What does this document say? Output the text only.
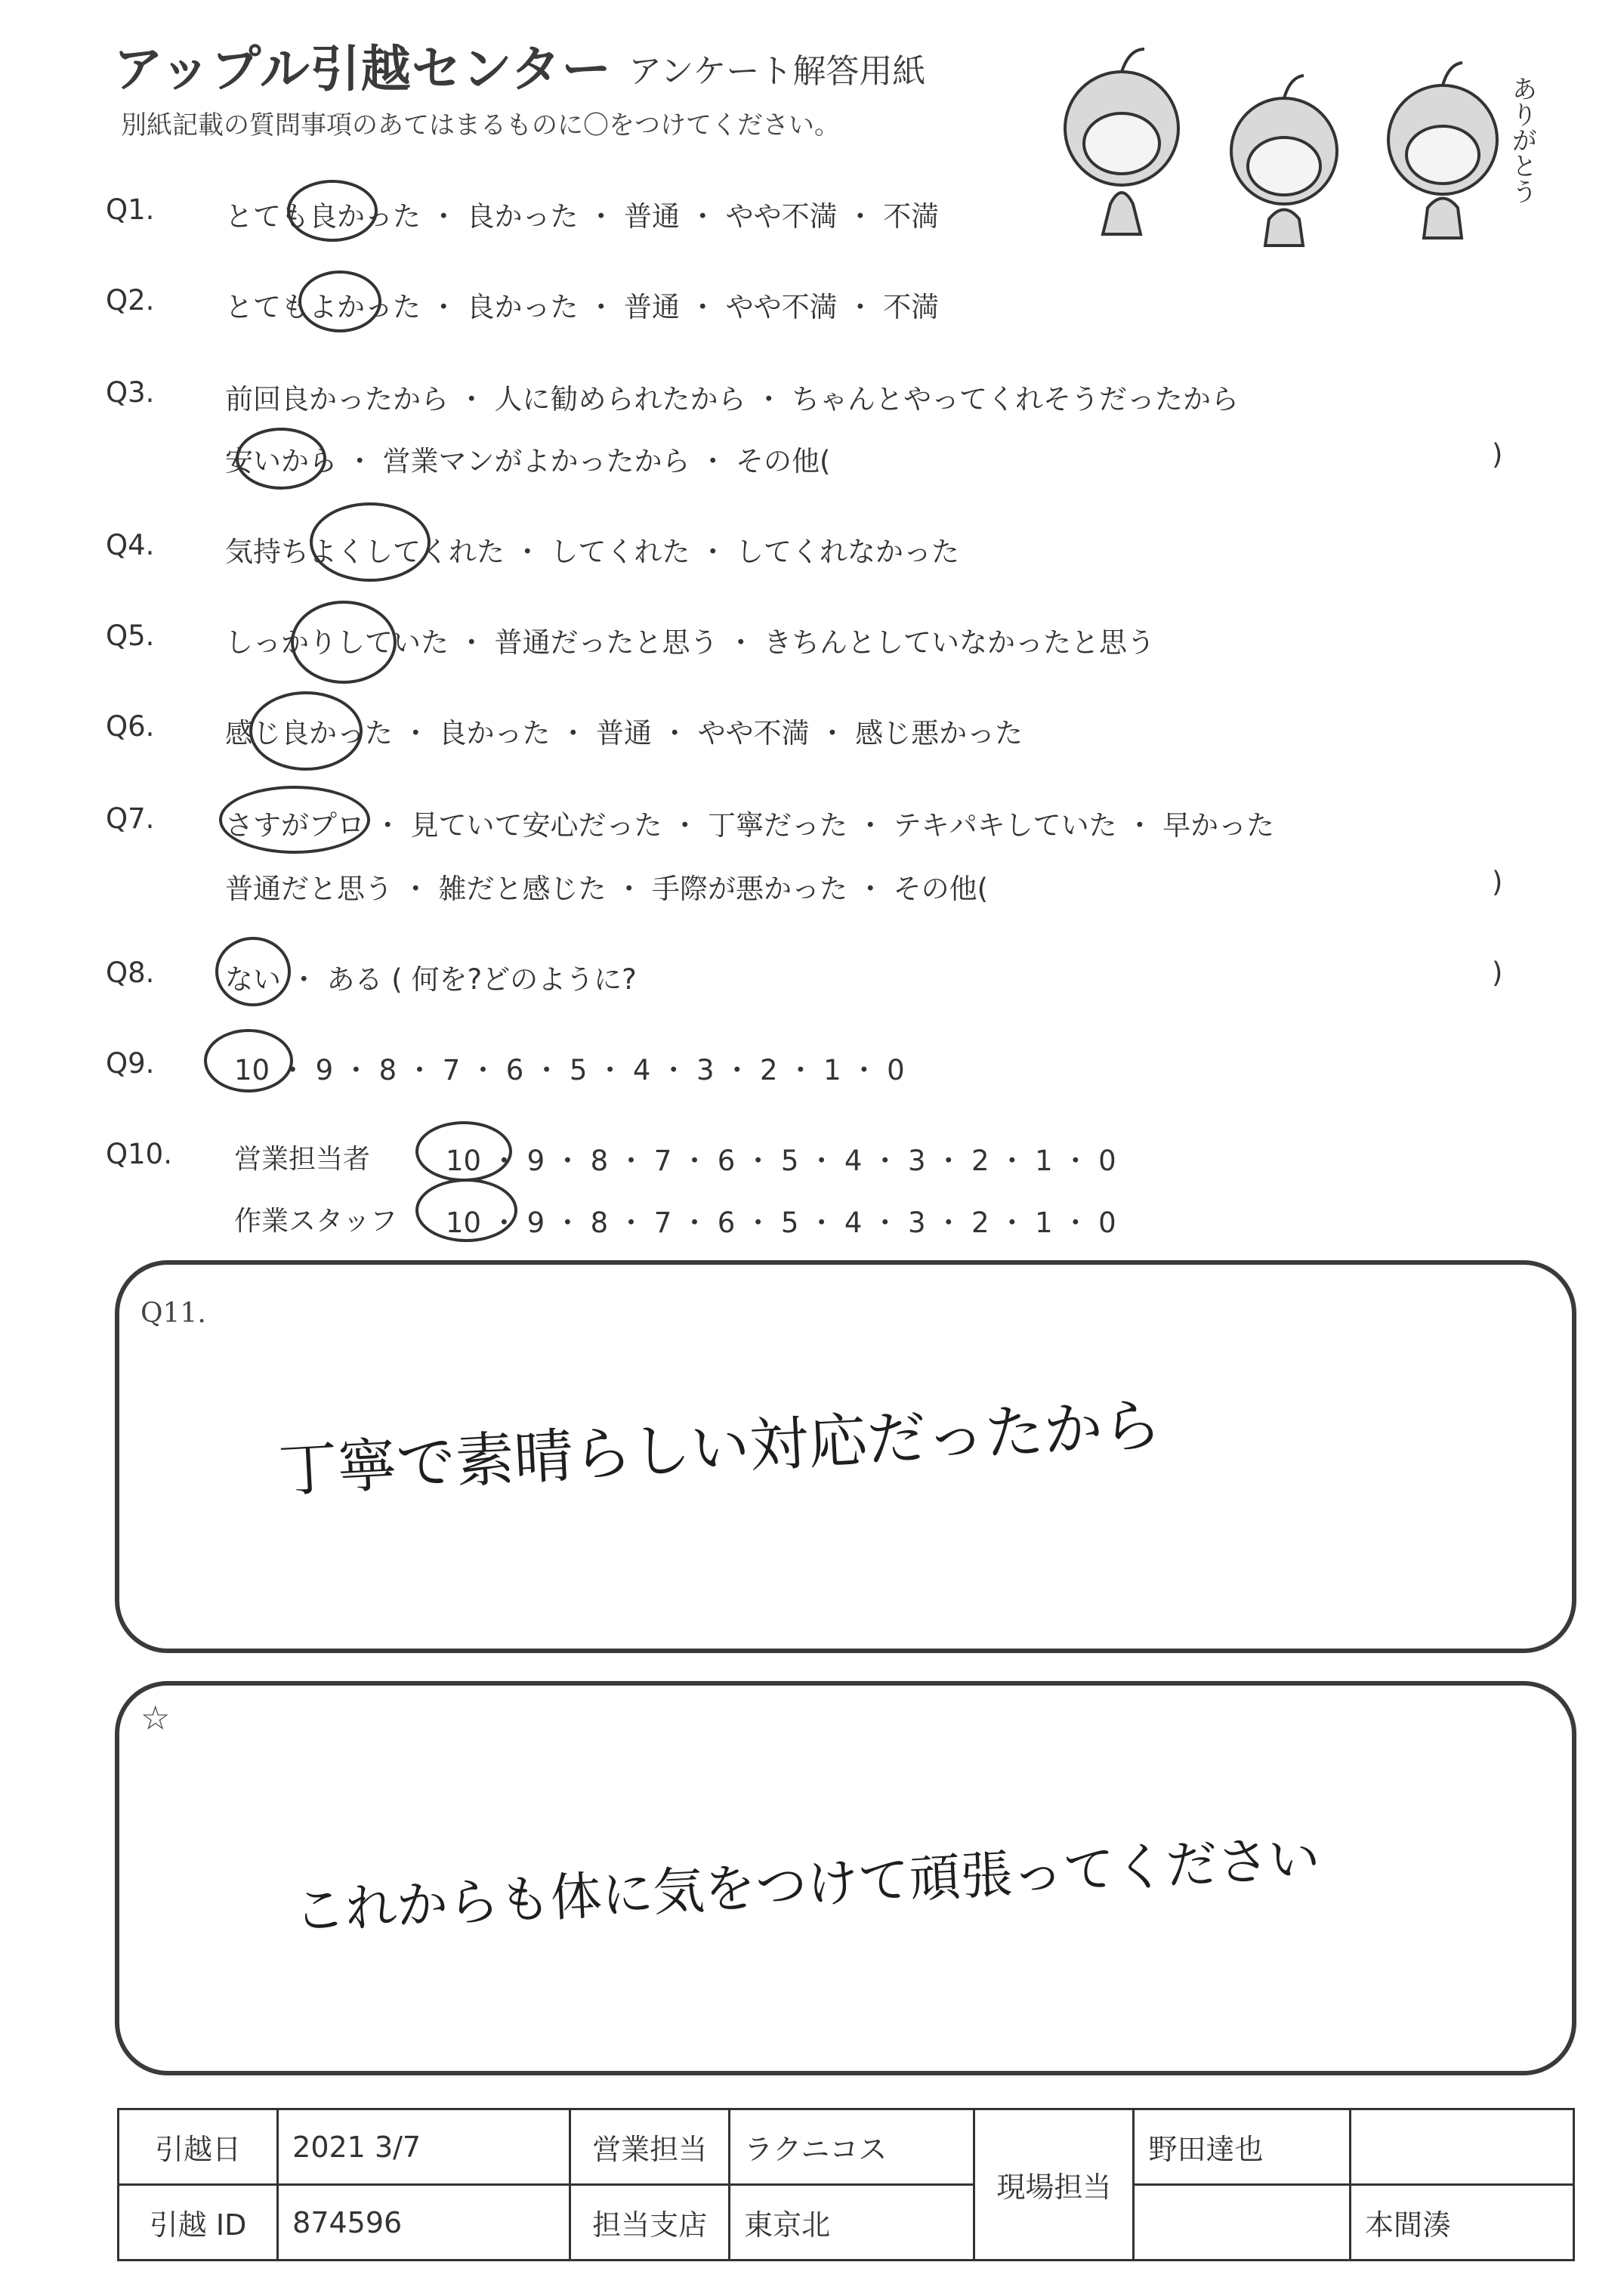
アップル引越センター アンケート解答用紙
別紙記載の質問事項のあてはまるものに〇をつけてください。	ありがとう
Q1.	とても良かった ・ 良かった ・ 普通 ・ やや不満 ・ 不満
Q2.	とてもよかった ・ 良かった ・ 普通 ・ やや不満 ・ 不満
Q3.	前回良かったから ・ 人に勧められたから ・ ちゃんとやってくれそうだったから
安いから ・ 営業マンがよかったから ・ その他(	)
Q4.	気持ちよくしてくれた ・ してくれた ・ してくれなかった
Q5.	しっかりしていた ・ 普通だったと思う ・ きちんとしていなかったと思う
Q6.	感じ良かった ・ 良かった ・ 普通 ・ やや不満 ・ 感じ悪かった
Q7.	さすがプロ ・ 見ていて安心だった ・ 丁寧だった ・ テキパキしていた ・ 早かった
普通だと思う ・ 雑だと感じた ・ 手際が悪かった ・ その他(	)
Q8.	ない ・ ある ( 何を?どのように?	)
Q9.	10 ・ 9 ・ 8 ・ 7 ・ 6 ・ 5 ・ 4 ・ 3 ・ 2 ・ 1 ・ 0
Q10. 営業担当者	10 ・ 9 ・ 8 ・ 7 ・ 6 ・ 5 ・ 4 ・ 3 ・ 2 ・ 1 ・ 0
作業スタッフ 10 ・ 9 ・ 8 ・ 7 ・ 6 ・ 5 ・ 4 ・ 3 ・ 2 ・ 1 ・ 0
Q11.
丁寧で素晴らしい対応だったから
☆
これからも体に気をつけて頑張ってください
引越日	2021 3/7	営業担当	ラクニコス	現場担当	野田達也	
引越 ID	874596	担当支店	東京北			本間湊
